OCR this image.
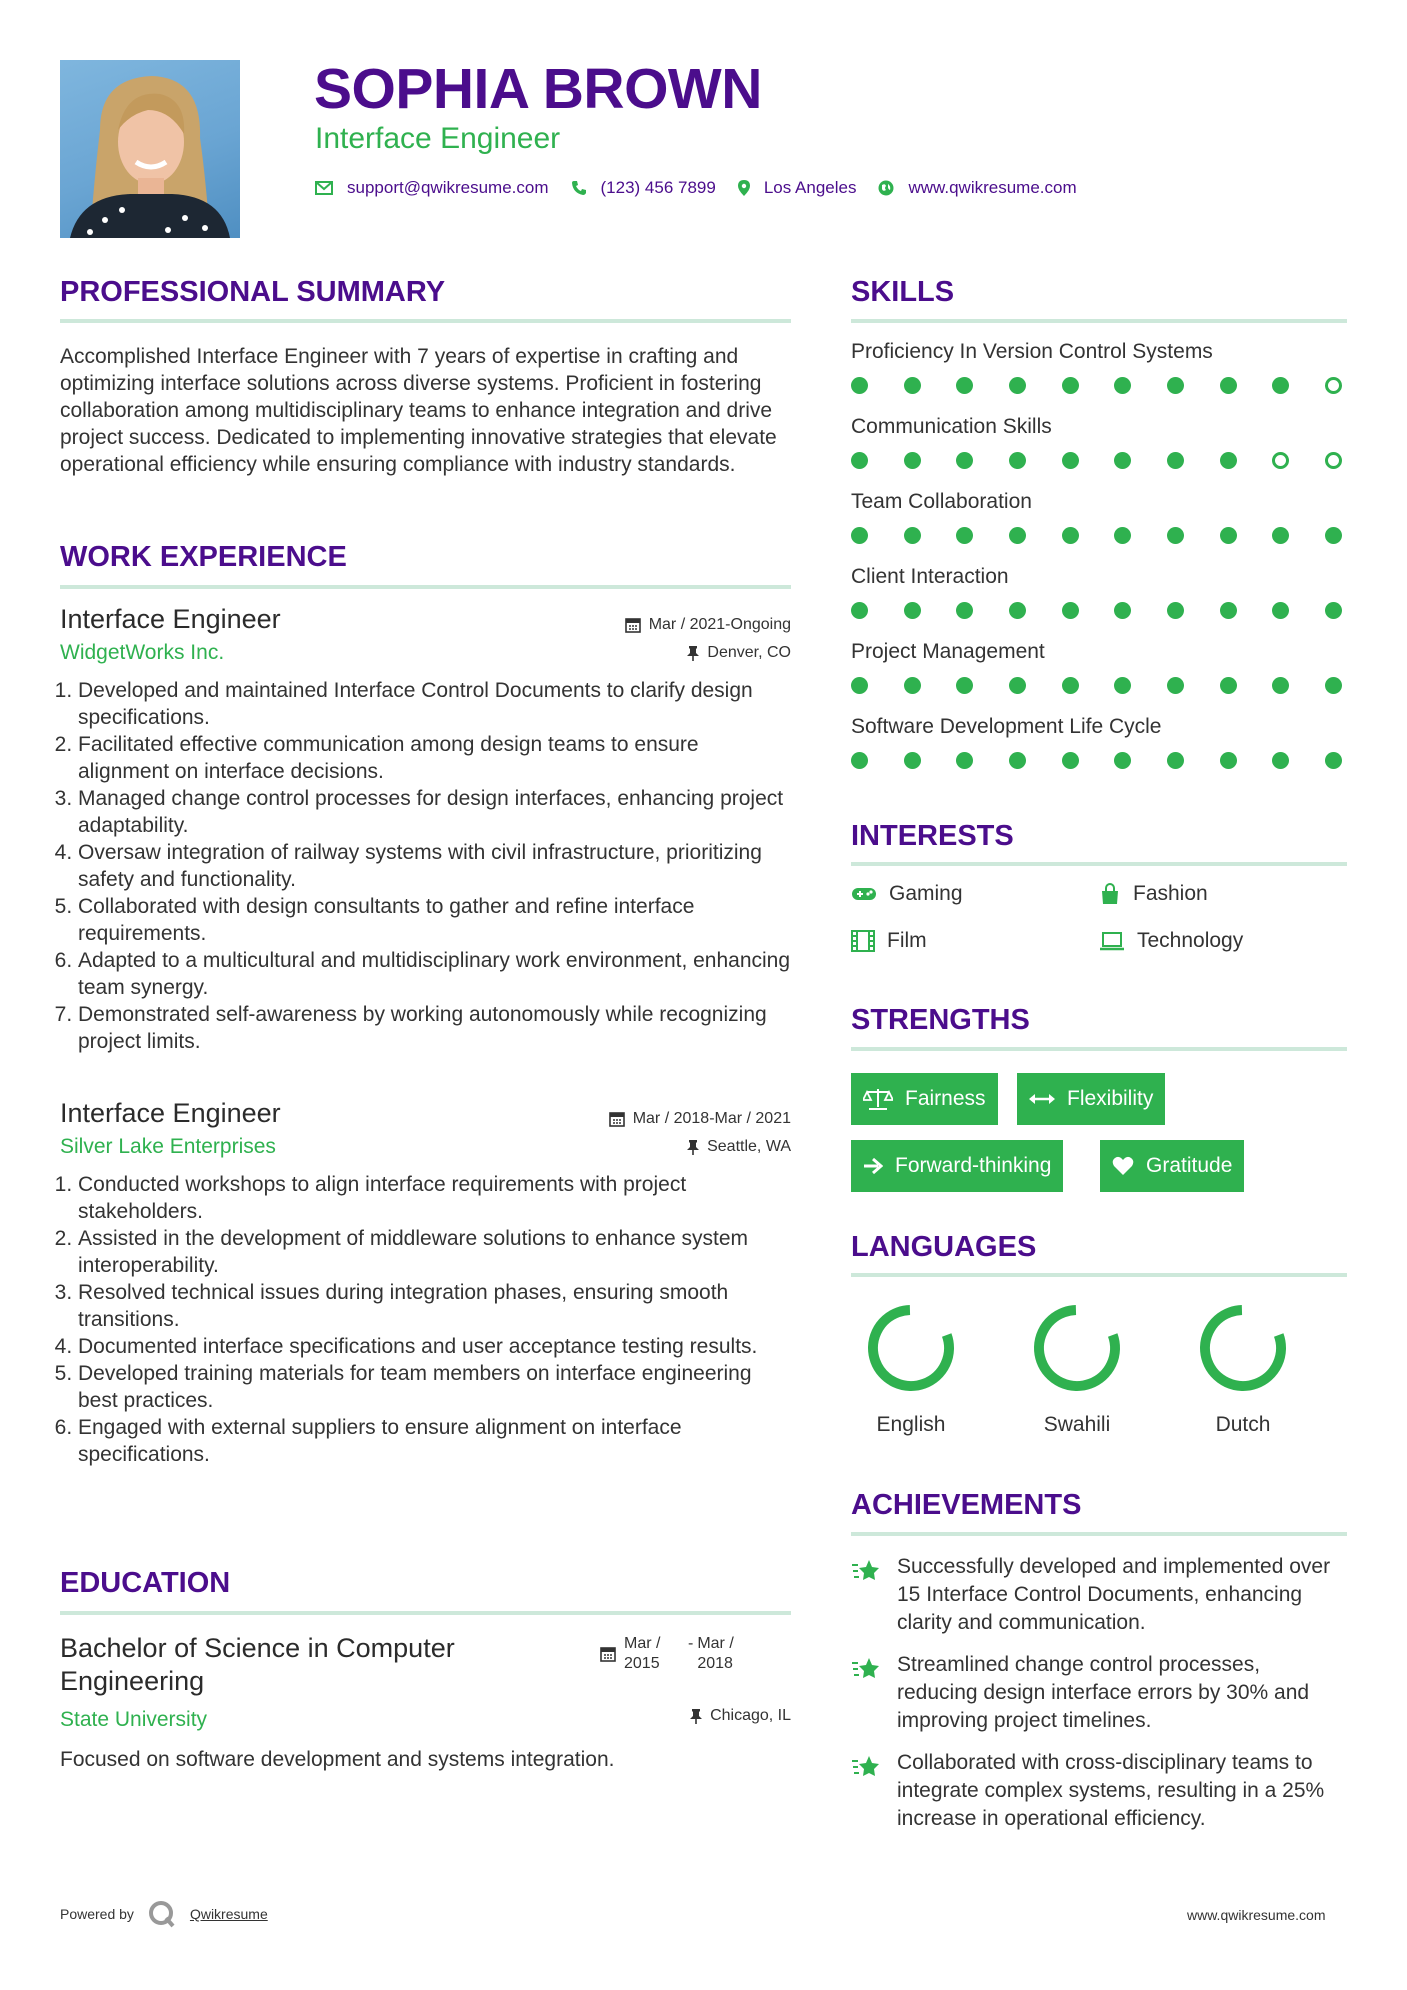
SOPHIA BROWN
Interface Engineer
support@qwikresume.com	(123) 456 7899	Los Angeles	www.qwikresume.com
PROFESSIONAL SUMMARY
Accomplished Interface Engineer with 7 years of expertise in crafting and optimizing interface solutions across diverse systems. Proficient in fostering collaboration among multidisciplinary teams to enhance integration and drive project success. Dedicated to implementing innovative strategies that elevate operational efficiency while ensuring compliance with industry standards.
WORK EXPERIENCE
Interface Engineer	Mar / 2021-Ongoing
WidgetWorks Inc.	Denver, CO
1. Developed and maintained Interface Control Documents to clarify design specifications.
2. Facilitated effective communication among design teams to ensure alignment on interface decisions.
3. Managed change control processes for design interfaces, enhancing project adaptability.
4. Oversaw integration of railway systems with civil infrastructure, prioritizing safety and functionality.
5. Collaborated with design consultants to gather and refine interface requirements.
6. Adapted to a multicultural and multidisciplinary work environment, enhancing team synergy.
7. Demonstrated self-awareness by working autonomously while recognizing project limits.
Interface Engineer	Mar / 2018-Mar / 2021
Silver Lake Enterprises	Seattle, WA
1. Conducted workshops to align interface requirements with project stakeholders.
2. Assisted in the development of middleware solutions to enhance system interoperability.
3. Resolved technical issues during integration phases, ensuring smooth transitions.
4. Documented interface specifications and user acceptance testing results.
5. Developed training materials for team members on interface engineering best practices.
6. Engaged with external suppliers to ensure alignment on interface specifications.
EDUCATION
Bachelor of Science in Computer Engineering
Mar / 2015
- Mar / 2018
State University	Chicago, IL
Focused on software development and systems integration.
SKILLS
Proficiency In Version Control Systems
Communication Skills
Team Collaboration
Client Interaction
Project Management
Software Development Life Cycle
INTERESTS
Gaming	Fashion
Film	Technology
STRENGTHS
Fairness	Flexibility
Forward-thinking	Gratitude
LANGUAGES
English	Swahili	Dutch
ACHIEVEMENTS
Successfully developed and implemented over 15 Interface Control Documents, enhancing clarity and communication.
Streamlined change control processes, reducing design interface errors by 30% and improving project timelines.
Collaborated with cross-disciplinary teams to integrate complex systems, resulting in a 25% increase in operational efficiency.
Powered by	Qwikresume	www.qwikresume.com
